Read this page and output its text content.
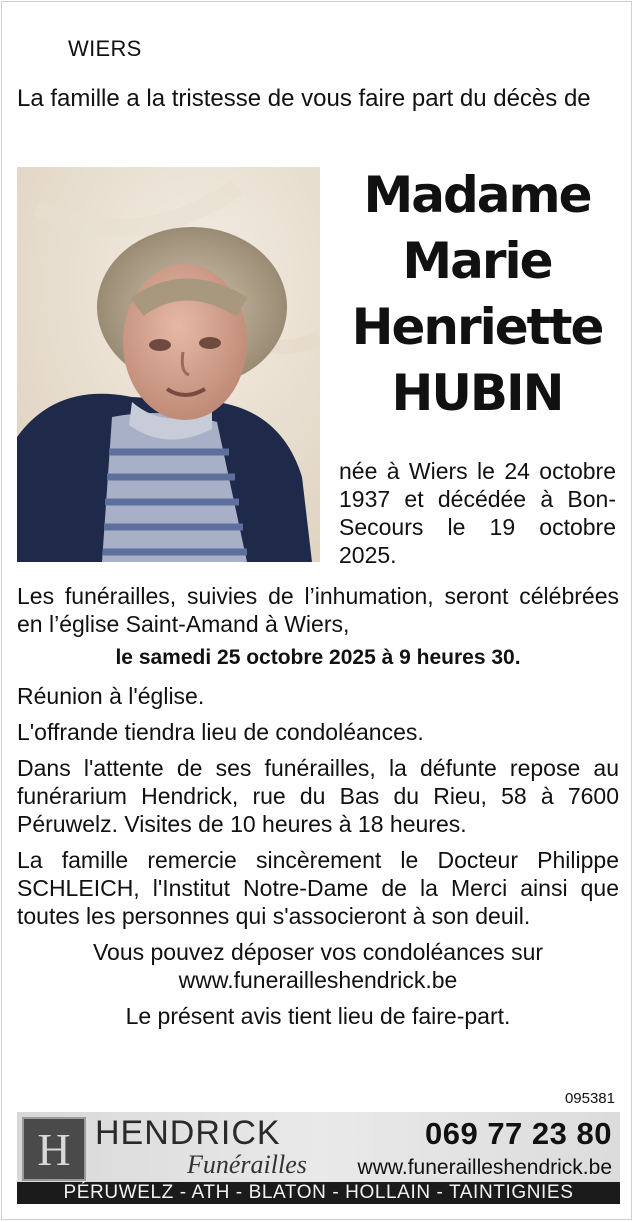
WIERS
La famille a la tristesse de vous faire part du décès de
Madame
Marie
Henriette
HUBIN
née à Wiers le 24 octobre 1937 et décédée à Bon-Secours le 19 octobre 2025.

Les funérailles, suivies de l’inhumation, seront célébrées en l’église Saint-Amand à Wiers,

le samedi 25 octobre 2025 à 9 heures 30.

Réunion à l'église.

L'offrande tiendra lieu de condoléances.

Dans l'attente de ses funérailles, la défunte repose au funérarium Hendrick, rue du Bas du Rieu, 58 à 7600 Péruwelz. Visites de 10 heures à 18 heures.

La famille remercie sincèrement le Docteur Philippe SCHLEICH, l'Institut Notre-Dame de la Merci ainsi que toutes les personnes qui s'associeront à son deuil.

Vous pouvez déposer vos condoléances sur www.funerailleshendrick.be

Le présent avis tient lieu de faire-part.

095381
H HENDRICK
Funérailles
069 77 23 80
www.funerailleshendrick.be
PÉRUWELZ - ATH - BLATON - HOLLAIN - TAINTIGNIES
